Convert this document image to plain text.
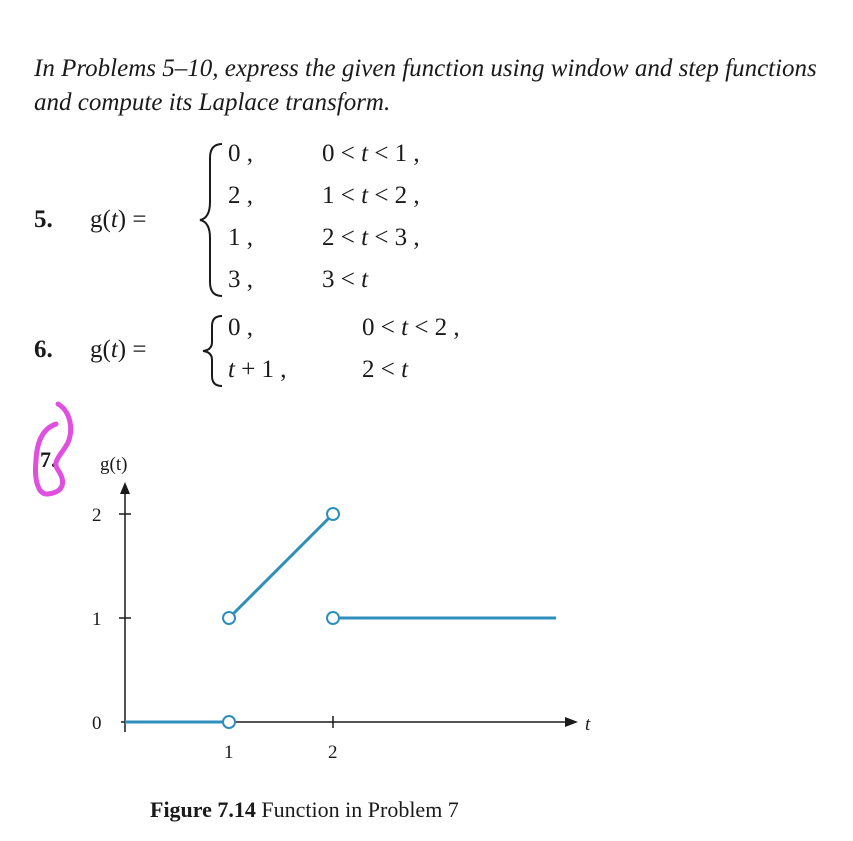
In Problems 5–10, express the given function using window and step functions and compute its Laplace transform.

5. g(t) =
0 ,	0 < t < 1 ,
2 ,	1 < t < 2 ,
1 ,	2 < t < 3 ,
3 ,	3 < t
6. g(t) =
0 ,	0 < t < 2 ,
t + 1 ,	2 < t
7.
0
1
2
1	2
g(t)
t
Figure 7.14 Function in Problem 7
